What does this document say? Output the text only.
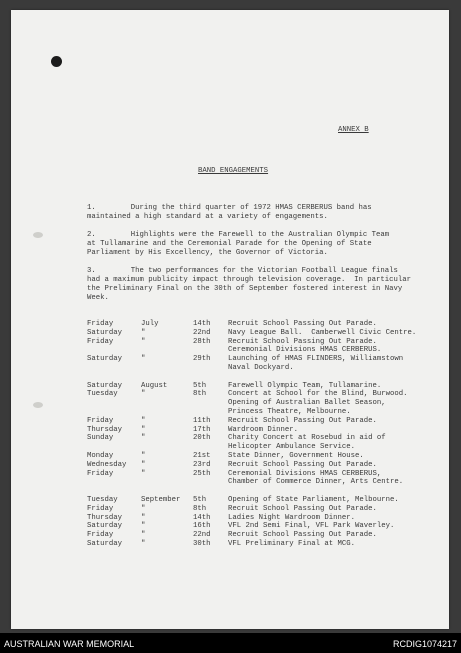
ANNEX B
BAND ENGAGEMENTS
1.        During the third quarter of 1972 HMAS CERBERUS band has
maintained a high standard at a variety of engagements.
2.        Highlights were the Farewell to the Australian Olympic Team
at Tullamarine and the Ceremonial Parade for the Opening of State
Parliament by His Excellency, the Governor of Victoria.
3.        The two performances for the Victorian Football League finals
had a maximum publicity impact through television coverage.  In particular
the Preliminary Final on the 30th of September fostered interest in Navy
Week.
Friday	July	14th Recruit School Passing Out Parade.
Saturday	"	22nd Navy League Ball.  Camberwell Civic Centre.
Friday	"	28th Recruit School Passing Out Parade.
Ceremonial Divisions HMAS CERBERUS.
Saturday	"	29th Launching of HMAS FLINDERS, Williamstown
Naval Dockyard.
Saturday	August	5th	Farewell Olympic Team, Tullamarine.
Tuesday	"	8th	Concert at School for the Blind, Burwood.
Opening of Australian Ballet Season,
Princess Theatre, Melbourne.
Friday	"	11th Recruit School Passing Out Parade.
Thursday	"	17th Wardroom Dinner.
Sunday	"	20th Charity Concert at Rosebud in aid of
Helicopter Ambulance Service.
Monday	"	21st State Dinner, Government House.
Wednesday "	23rd Recruit School Passing Out Parade.
Friday	"	25th Ceremonial Divisions HMAS CERBERUS,
Chamber of Commerce Dinner, Arts Centre.
Tuesday	September 5th	Opening of State Parliament, Melbourne.
Friday	"	8th	Recruit School Passing Out Parade.
Thursday	"	14th Ladies Night Wardroom Dinner.
Saturday	"	16th VFL 2nd Semi Final, VFL Park Waverley.
Friday	"	22nd Recruit School Passing Out Parade.
Saturday	"	30th VFL Preliminary Final at MCG.
AUSTRALIAN WAR MEMORIAL	RCDIG1074217
